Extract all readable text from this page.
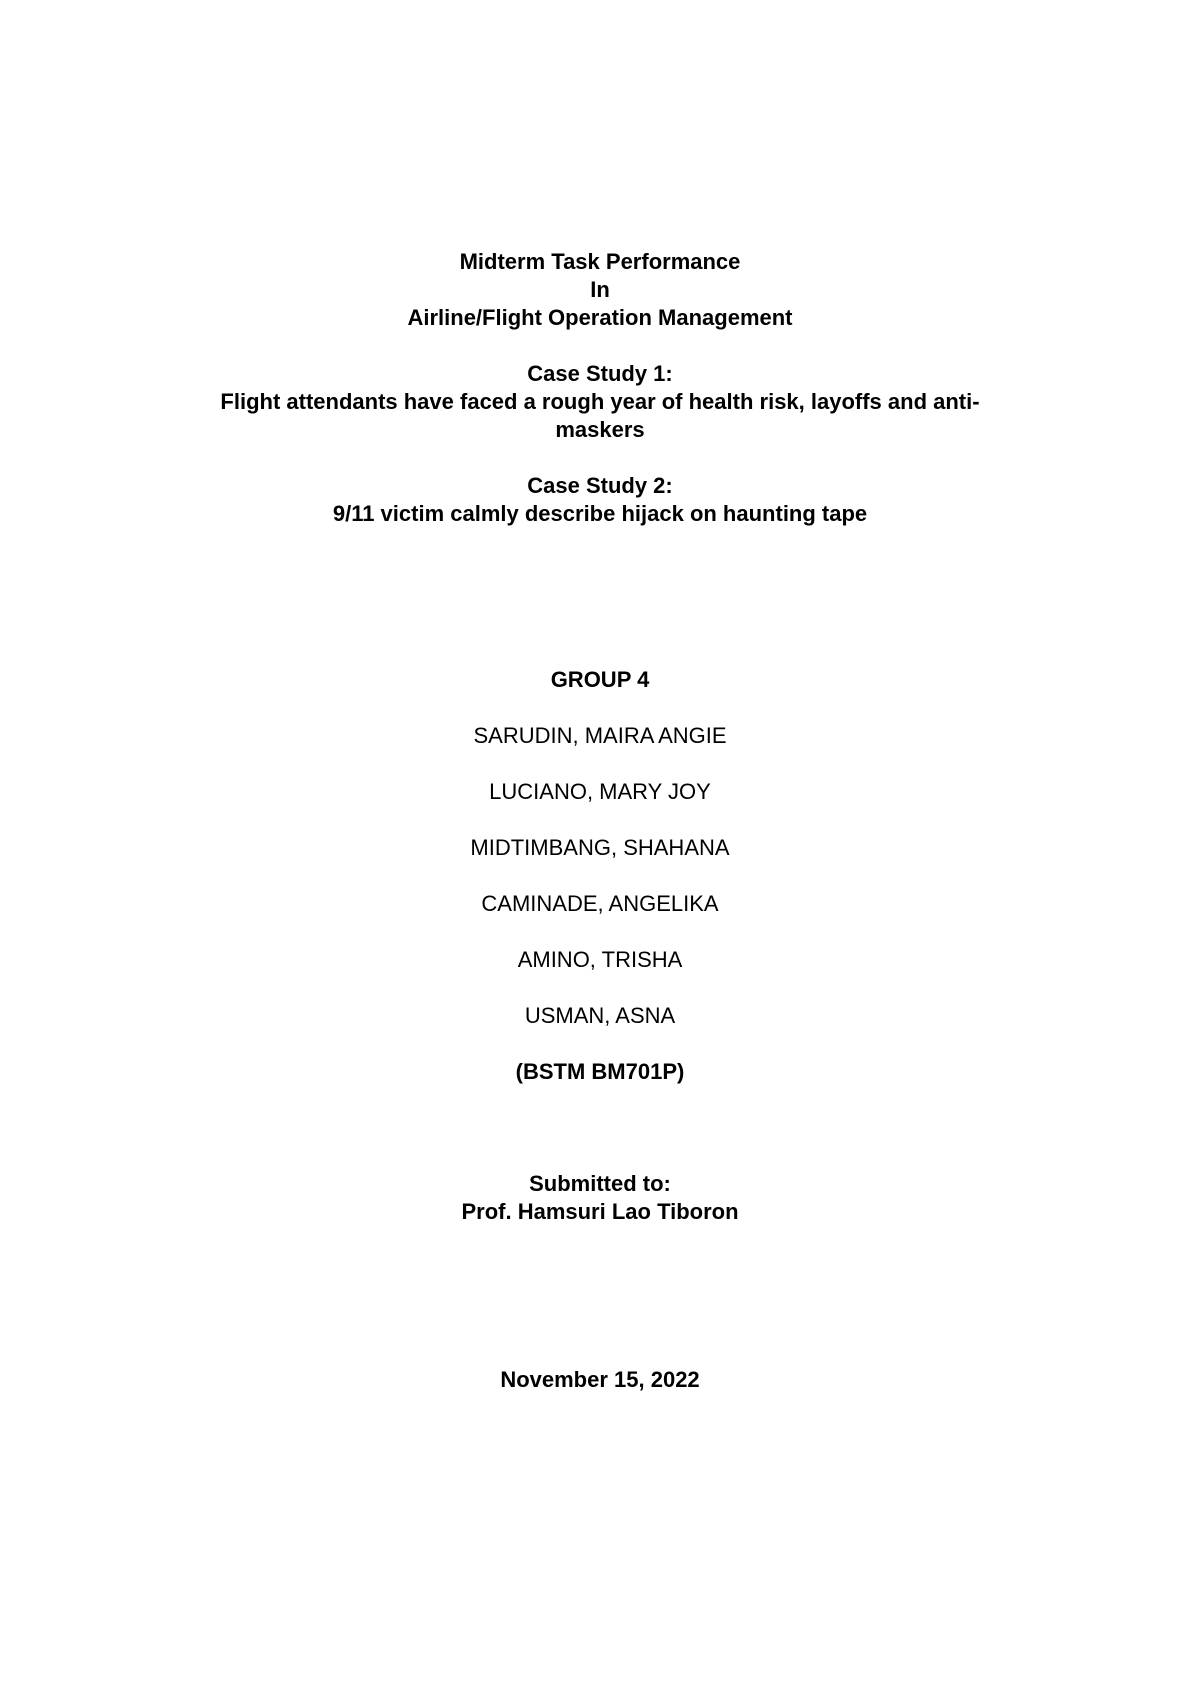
Midterm Task Performance
In
Airline/Flight Operation Management
Case Study 1:
Flight attendants have faced a rough year of health risk, layoffs and anti-
maskers
Case Study 2:
9/11 victim calmly describe hijack on haunting tape
GROUP 4
SARUDIN, MAIRA ANGIE
LUCIANO, MARY JOY
MIDTIMBANG, SHAHANA
CAMINADE, ANGELIKA
AMINO, TRISHA
USMAN, ASNA
(BSTM BM701P)
Submitted to:
Prof. Hamsuri Lao Tiboron
November 15, 2022
